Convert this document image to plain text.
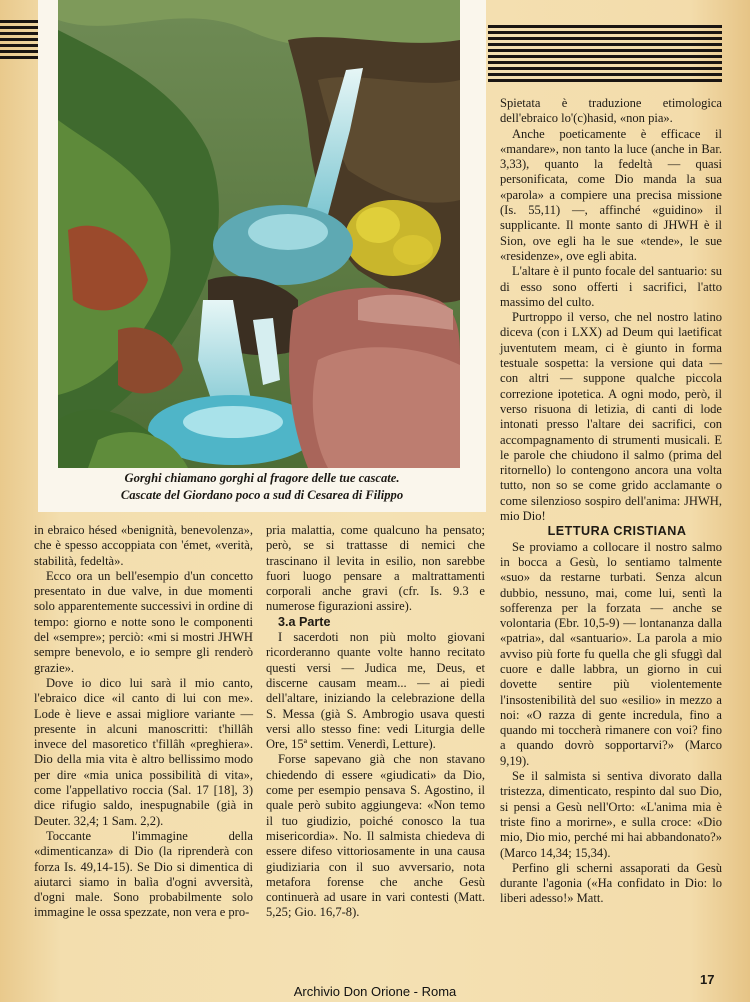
Gorghi chiamano gorghi al fragore delle tue cascate.
Cascate del Giordano poco a sud di Cesarea di Filippo

Spietata è traduzione etimologica dell'ebraico lo'(c)hasid, «non pia».

Anche poeticamente è efficace il «mandare», non tanto la luce (anche in Bar. 3,33), quanto la fedeltà — quasi personificata, come Dio manda la sua «parola» a compiere una precisa missione (Is. 55,11) —, affinché «guidino» il supplicante. Il monte santo di JHWH è il Sion, ove egli ha le sue «tende», le sue «residenze», ove egli abita.

L'altare è il punto focale del santuario: su di esso sono offerti i sacrifici, l'atto massimo del culto.

Purtroppo il verso, che nel nostro latino diceva (con i LXX) ad Deum qui laetificat juventutem meam, ci è giunto in forma testuale sospetta: la versione qui data — con altri — suppone qualche piccola correzione ipotetica. A ogni modo, però, il verso risuona di letizia, di canti di lode intonati presso l'altare dei sacrifici, con accompagnamento di strumenti musicali. E le parole che chiudono il salmo (prima del ritornello) lo contengono ancora una volta tutto, non so se come grido acclamante o come silenzioso sospiro dell'anima: JHWH, mio Dio!

LETTURA CRISTIANA

Se proviamo a collocare il nostro salmo in bocca a Gesù, lo sentiamo talmente «suo» da restarne turbati. Senza alcun dubbio, nessuno, mai, come lui, sentì la sofferenza per la forzata — anche se volontaria (Ebr. 10,5-9) — lontananza dalla «patria», dal «santuario». La parola a mio avviso più forte fu quella che gli sfuggì dal cuore e dalle labbra, un giorno in cui dovette sentire più violentemente l'insostenibilità del suo «esilio» in mezzo a noi: «O razza di gente incredula, fino a quando mi toccherà rimanere con voi? fino a quando dovrò sopportarvi?» (Marco 9,19).

Se il salmista si sentiva divorato dalla tristezza, dimenticato, respinto dal suo Dio, si pensi a Gesù nell'Orto: «L'anima mia è triste fino a morirne», e sulla croce: «Dio mio, Dio mio, perché mi hai abbandonato?» (Marco 14,34; 15,34).

Perfino gli scherni assaporati da Gesù durante l'agonia («Ha confidato in Dio: lo liberi adesso!» Matt.

in ebraico hésed «benignità, benevolenza», che è spesso accoppiata con 'émet, «verità, stabilità, fedeltà».

Ecco ora un bell'esempio d'un concetto presentato in due valve, in due momenti solo apparentemente successivi in ordine di tempo: giorno e notte sono le componenti del «sempre»; perciò: «mi si mostri JHWH sempre benevolo, e io sempre gli renderò grazie».

Dove io dico lui sarà il mio canto, l'ebraico dice «il canto di lui con me». Lode è lieve e assai migliore variante — presente in alcuni manoscritti: t'hillâh invece del masoretico t'fillâh «preghiera». Dio della mia vita è altro bellissimo modo per dire «mia unica possibilità di vita», come l'appellativo roccia (Sal. 17 [18], 3) dice rifugio saldo, inespugnabile (già in Deuter. 32,4; 1 Sam. 2,2).

Toccante l'immagine della «dimenticanza» di Dio (la riprenderà con forza Is. 49,14-15). Se Dio si dimentica di aiutarci siamo in balìa d'ogni avversità, d'ogni male. Sono probabilmente solo immagine le ossa spezzate, non vera e pro-

pria malattia, come qualcuno ha pensato; però, se si trattasse di nemici che trascinano il levita in esilio, non sarebbe fuori luogo pensare a maltrattamenti corporali anche gravi (cfr. Is. 9.3 e numerose figurazioni assire).

3.a Parte

I sacerdoti non più molto giovani ricorderanno quante volte hanno recitato questi versi — Judica me, Deus, et discerne causam meam... — ai piedi dell'altare, iniziando la celebrazione della S. Messa (già S. Ambrogio usava questi versi allo stesso fine: vedi Liturgia delle Ore, 15ª settim. Venerdì, Letture).

Forse sapevano già che non stavano chiedendo di essere «giudicati» da Dio, come per esempio pensava S. Agostino, il quale però subito aggiungeva: «Non temo il tuo giudizio, poiché conosco la tua misericordia». No. Il salmista chiedeva di essere difeso vittoriosamente in una causa giudiziaria con il suo avversario, nota metafora forense che anche Gesù continuerà ad usare in vari contesti (Matt. 5,25; Gio. 16,7-8).

17
Archivio Don Orione - Roma
